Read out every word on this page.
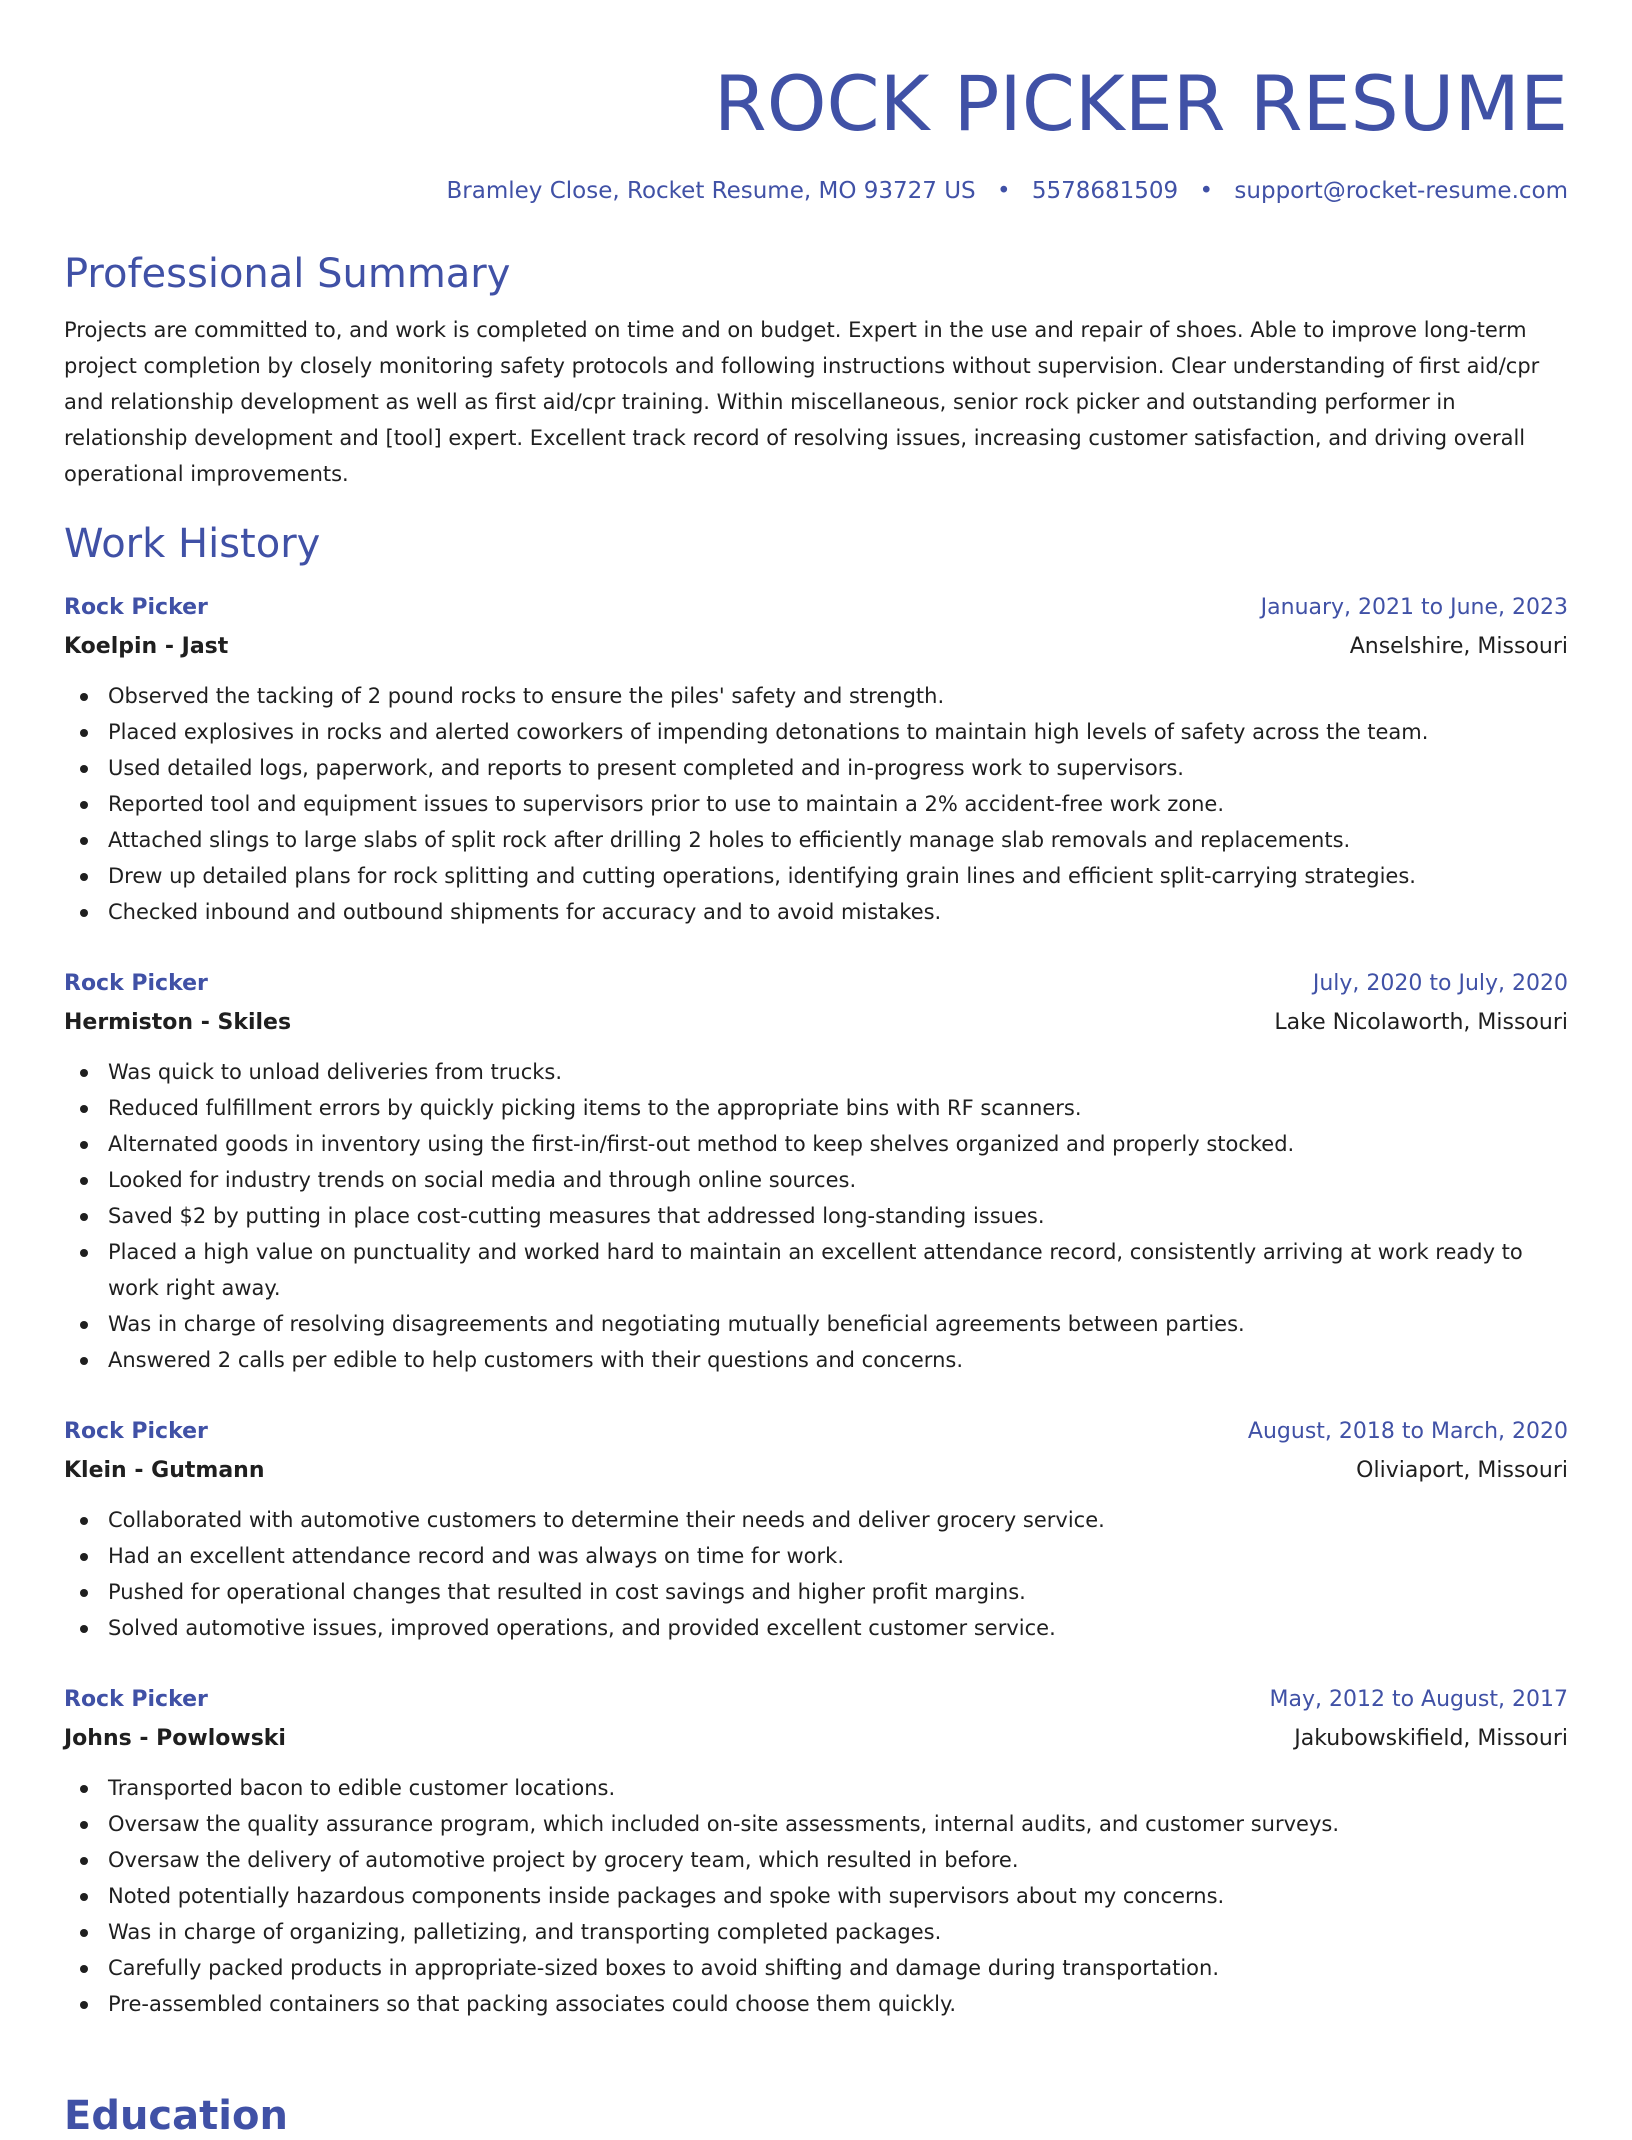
ROCK PICKER RESUME
Bramley Close, Rocket Resume, MO 93727 US • 5578681509 • support@rocket-resume.com
Professional Summary

Projects are committed to, and work is completed on time and on budget. Expert in the use and repair of shoes. Able to improve long-term project completion by closely monitoring safety protocols and following instructions without supervision. Clear understanding of first aid/cpr and relationship development as well as first aid/cpr training. Within miscellaneous, senior rock picker and outstanding performer in relationship development and [tool] expert. Excellent track record of resolving issues, increasing customer satisfaction, and driving overall operational improvements.

Work History
Rock Picker	January, 2021 to June, 2023
Koelpin - Jast	Anselshire, Missouri
Observed the tacking of 2 pound rocks to ensure the piles' safety and strength.
Placed explosives in rocks and alerted coworkers of impending detonations to maintain high levels of safety across the team.
Used detailed logs, paperwork, and reports to present completed and in-progress work to supervisors.
Reported tool and equipment issues to supervisors prior to use to maintain a 2% accident-free work zone.
Attached slings to large slabs of split rock after drilling 2 holes to efficiently manage slab removals and replacements.
Drew up detailed plans for rock splitting and cutting operations, identifying grain lines and efficient split-carrying strategies.
Checked inbound and outbound shipments for accuracy and to avoid mistakes.
Rock Picker	July, 2020 to July, 2020
Hermiston - Skiles	Lake Nicolaworth, Missouri
Was quick to unload deliveries from trucks.
Reduced fulfillment errors by quickly picking items to the appropriate bins with RF scanners.
Alternated goods in inventory using the first-in/first-out method to keep shelves organized and properly stocked.
Looked for industry trends on social media and through online sources.
Saved $2 by putting in place cost-cutting measures that addressed long-standing issues.
Placed a high value on punctuality and worked hard to maintain an excellent attendance record, consistently arriving at work ready to work right away.
Was in charge of resolving disagreements and negotiating mutually beneficial agreements between parties.
Answered 2 calls per edible to help customers with their questions and concerns.
Rock Picker	August, 2018 to March, 2020
Klein - Gutmann	Oliviaport, Missouri
Collaborated with automotive customers to determine their needs and deliver grocery service.
Had an excellent attendance record and was always on time for work.
Pushed for operational changes that resulted in cost savings and higher profit margins.
Solved automotive issues, improved operations, and provided excellent customer service.
Rock Picker	May, 2012 to August, 2017
Johns - Powlowski	Jakubowskifield, Missouri
Transported bacon to edible customer locations.
Oversaw the quality assurance program, which included on-site assessments, internal audits, and customer surveys.
Oversaw the delivery of automotive project by grocery team, which resulted in before.
Noted potentially hazardous components inside packages and spoke with supervisors about my concerns.
Was in charge of organizing, palletizing, and transporting completed packages.
Carefully packed products in appropriate-sized boxes to avoid shifting and damage during transportation.
Pre-assembled containers so that packing associates could choose them quickly.
Education
